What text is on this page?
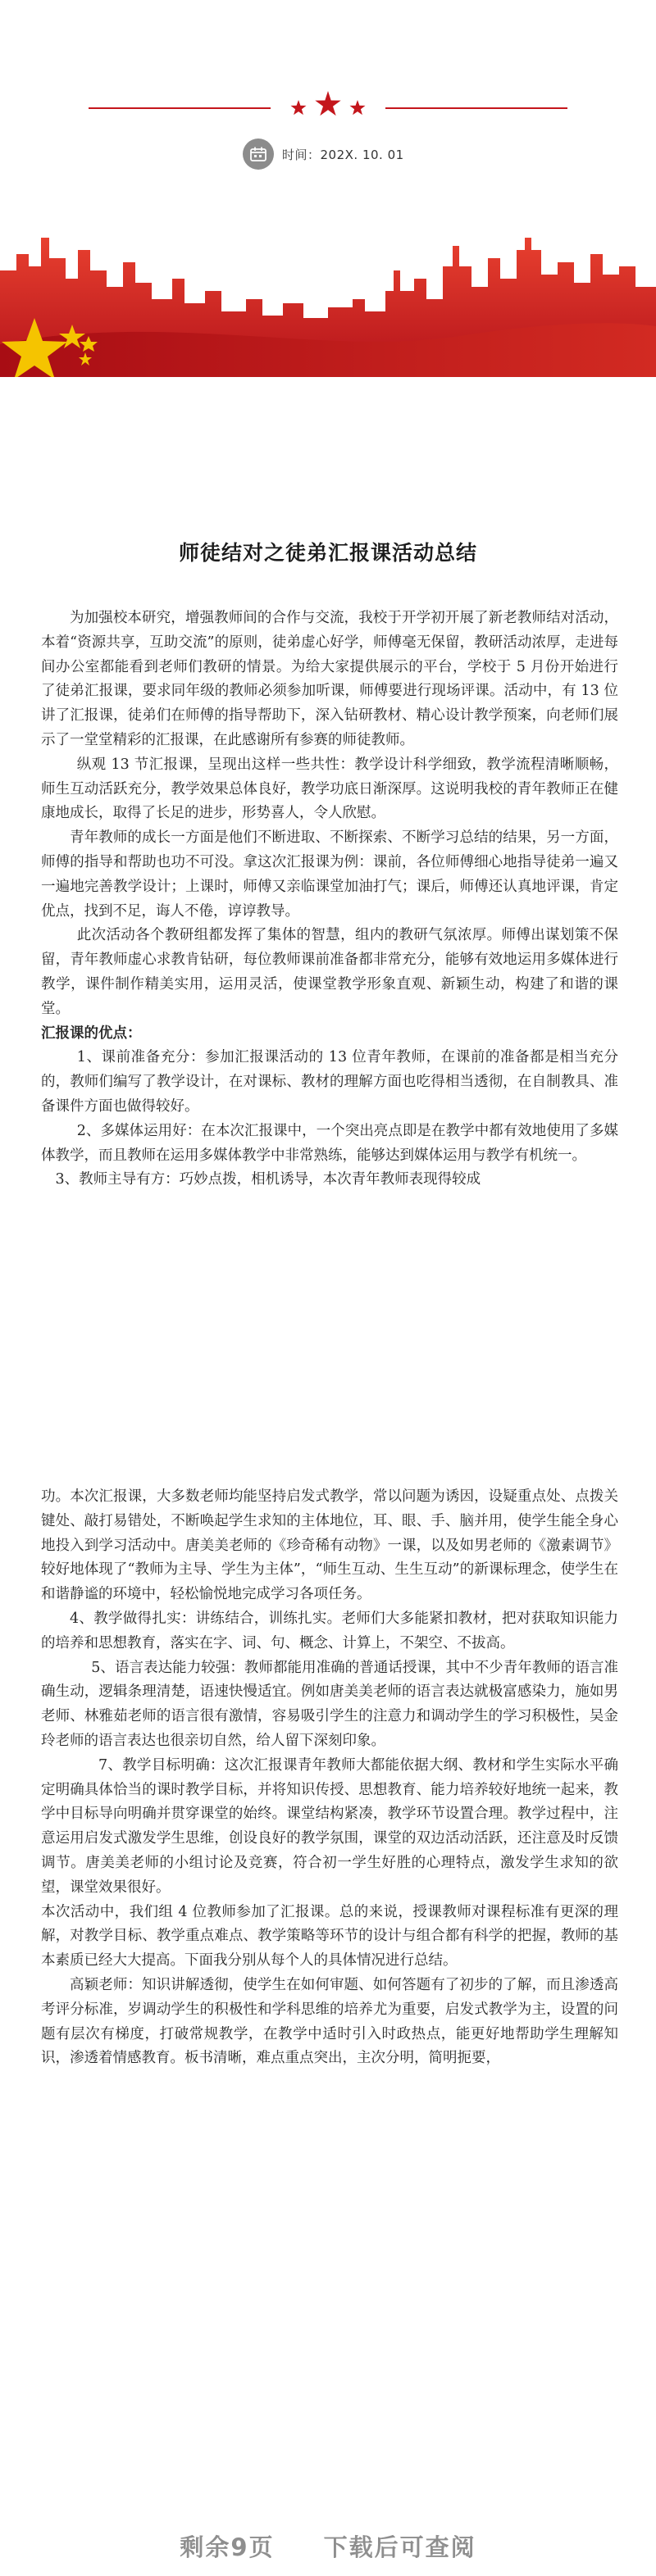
时间：202X. 10. 01
师徒结对之徒弟汇报课活动总结

为加强校本研究，增强教师间的合作与交流，我校于开学初开展了新老教师结对活动，本着“资源共享，互助交流”的原则，徒弟虚心好学，师傅毫无保留，教研活动浓厚，走进每间办公室都能看到老师们教研的情景。为给大家提供展示的平台，学校于 5 月份开始进行了徒弟汇报课，要求同年级的教师必须参加听课，师傅要进行现场评课。活动中，有 13 位讲了汇报课，徒弟们在师傅的指导帮助下，深入钻研教材、精心设计教学预案，向老师们展示了一堂堂精彩的汇报课，在此感谢所有参赛的师徒教师。

纵观 13 节汇报课，呈现出这样一些共性：教学设计科学细致，教学流程清晰顺畅，师生互动活跃充分，教学效果总体良好，教学功底日渐深厚。这说明我校的青年教师正在健康地成长，取得了长足的进步，形势喜人，令人欣慰。

青年教师的成长一方面是他们不断进取、不断探索、不断学习总结的结果，另一方面，师傅的指导和帮助也功不可没。拿这次汇报课为例：课前，各位师傅细心地指导徒弟一遍又一遍地完善教学设计；上课时，师傅又亲临课堂加油打气；课后，师傅还认真地评课，肯定优点，找到不足，诲人不倦，谆谆教导。

此次活动各个教研组都发挥了集体的智慧，组内的教研气氛浓厚。师傅出谋划策不保留，青年教师虚心求教肯钻研，每位教师课前准备都非常充分，能够有效地运用多媒体进行教学，课件制作精美实用，运用灵活，使课堂教学形象直观、新颖生动，构建了和谐的课堂。

汇报课的优点：

1、课前准备充分：参加汇报课活动的 13 位青年教师，在课前的准备都是相当充分的，教师们编写了教学设计，在对课标、教材的理解方面也吃得相当透彻，在自制教具、准备课件方面也做得较好。

2、多媒体运用好：在本次汇报课中，一个突出亮点即是在教学中都有效地使用了多媒体教学，而且教师在运用多媒体教学中非常熟练，能够达到媒体运用与教学有机统一。

3、教师主导有方：巧妙点拨，相机诱导，本次青年教师表现得较成

功。本次汇报课，大多数老师均能坚持启发式教学，常以问题为诱因，设疑重点处、点拨关键处、敲打易错处，不断唤起学生求知的主体地位，耳、眼、手、脑并用，使学生能全身心地投入到学习活动中。唐美美老师的《珍奇稀有动物》一课，以及如男老师的《激素调节》较好地体现了“教师为主导、学生为主体”，“师生互动、生生互动”的新课标理念，使学生在和谐静谧的环境中，轻松愉悦地完成学习各项任务。

4、教学做得扎实：讲练结合，训练扎实。老师们大多能紧扣教材，把对获取知识能力的培养和思想教育，落实在字、词、句、概念、计算上，不架空、不拔高。

5、语言表达能力较强：教师都能用准确的普通话授课，其中不少青年教师的语言准确生动，逻辑条理清楚，语速快慢适宜。例如唐美美老师的语言表达就极富感染力，施如男老师、林雅茹老师的语言很有激情，容易吸引学生的注意力和调动学生的学习积极性，吴金玲老师的语言表达也很亲切自然，给人留下深刻印象。

7、教学目标明确：这次汇报课青年教师大都能依据大纲、教材和学生实际水平确定明确具体恰当的课时教学目标，并将知识传授、思想教育、能力培养较好地统一起来，教学中目标导向明确并贯穿课堂的始终。课堂结构紧凑，教学环节设置合理。教学过程中，注意运用启发式激发学生思维，创设良好的教学氛围，课堂的双边活动活跃，还注意及时反馈调节。唐美美老师的小组讨论及竞赛，符合初一学生好胜的心理特点，激发学生求知的欲望，课堂效果很好。

本次活动中，我们组 4 位教师参加了汇报课。总的来说，授课教师对课程标准有更深的理解，对教学目标、教学重点难点、教学策略等环节的设计与组合都有科学的把握，教师的基本素质已经大大提高。下面我分别从每个人的具体情况进行总结。

高颖老师：知识讲解透彻，使学生在如何审题、如何答题有了初步的了解，而且渗透高考评分标准，岁调动学生的积极性和学科思维的培养尤为重要，启发式教学为主，设置的问题有层次有梯度，打破常规教学，在教学中适时引入时政热点，能更好地帮助学生理解知识，渗透着情感教育。板书清晰，难点重点突出，主次分明，简明扼要，

剩余9页 下载后可查阅
